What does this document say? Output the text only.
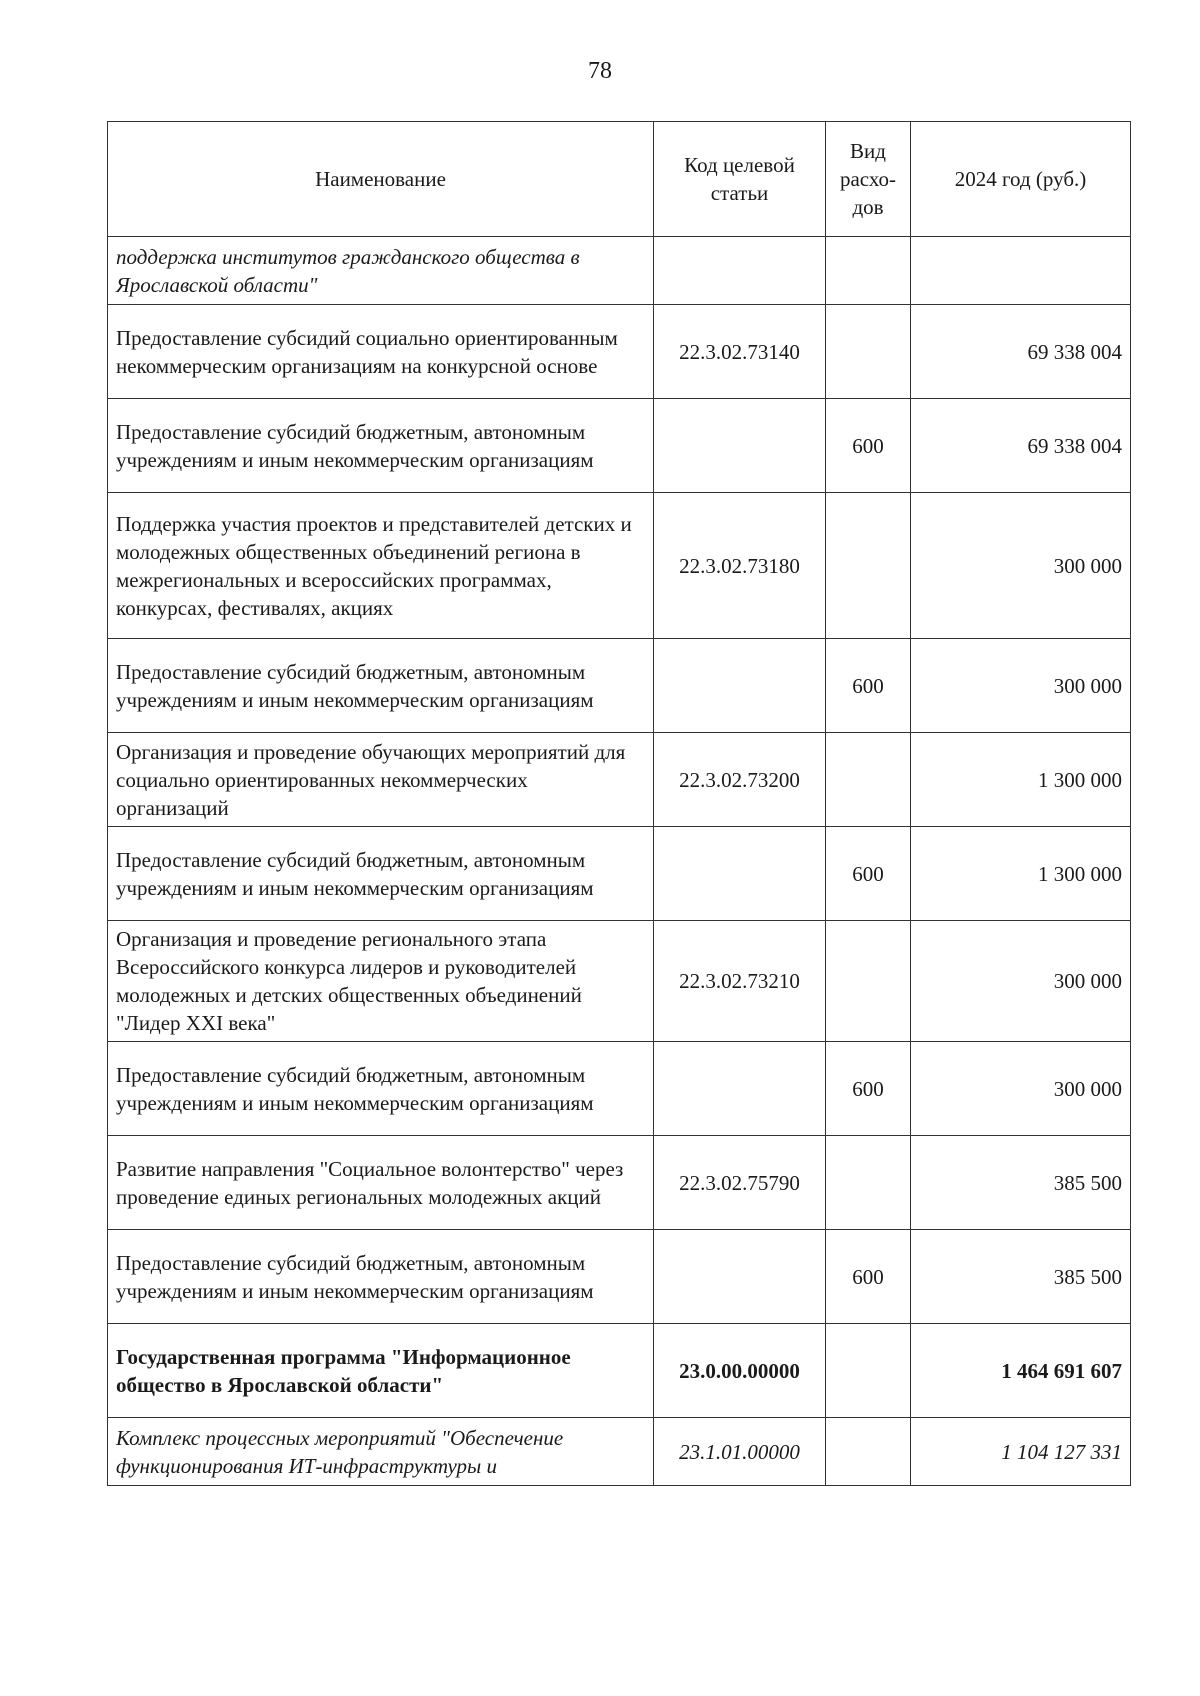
78
Наименование	Код целевой статьи	Вид расхо-дов	2024 год (руб.)
поддержка институтов гражданского общества в Ярославской области"			
Предоставление субсидий социально ориентированным некоммерческим организациям на конкурсной основе	22.3.02.73140		69 338 004
Предоставление субсидий бюджетным, автономным учреждениям и иным некоммерческим организациям		600	69 338 004
Поддержка участия проектов и представителей детских и молодежных общественных объединений региона в межрегиональных и всероссийских программах, конкурсах, фестивалях, акциях	22.3.02.73180		300 000
Предоставление субсидий бюджетным, автономным учреждениям и иным некоммерческим организациям		600	300 000
Организация и проведение обучающих мероприятий для социально ориентированных некоммерческих организаций	22.3.02.73200		1 300 000
Предоставление субсидий бюджетным, автономным учреждениям и иным некоммерческим организациям		600	1 300 000
Организация и проведение регионального этапа Всероссийского конкурса лидеров и руководителей молодежных и детских общественных объединений "Лидер XXI века"	22.3.02.73210		300 000
Предоставление субсидий бюджетным, автономным учреждениям и иным некоммерческим организациям		600	300 000
Развитие направления "Социальное волонтерство" через проведение единых региональных молодежных акций	22.3.02.75790		385 500
Предоставление субсидий бюджетным, автономным учреждениям и иным некоммерческим организациям		600	385 500
Государственная программа "Информационное общество в Ярославской области"	23.0.00.00000		1 464 691 607
Комплекс процессных мероприятий "Обеспечение функционирования ИТ-инфраструктуры и	23.1.01.00000		1 104 127 331
